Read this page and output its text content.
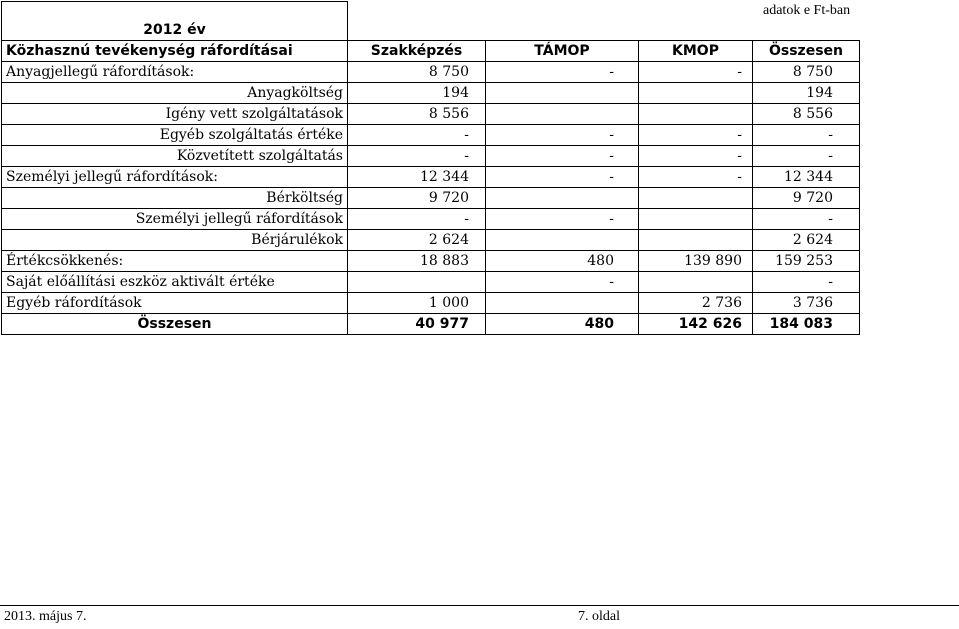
2012 év				
Közhasznú tevékenység ráfordításai	Szakképzés	TÁMOP	KMOP	Összesen
Anyagjellegű ráfordítások:	8 750	-	-	8 750
Anyagköltség	194			194
Igény vett szolgáltatások	8 556			8 556
Egyéb szolgáltatás értéke	-	-	-	-
Közvetített szolgáltatás	-	-	-	-
Személyi jellegű ráfordítások:	12 344	-	-	12 344
Bérköltség	9 720			9 720
Személyi jellegű ráfordítások	-	-		-
Bérjárulékok	2 624			2 624
Értékcsökkenés:	18 883	480	139 890	159 253
Saját előállítási eszköz aktivált értéke		-		-
Egyéb ráfordítások	1 000		2 736	3 736
Összesen	40 977	480	142 626	184 083
adatok e Ft-ban
2013. május 7.	7. oldal
